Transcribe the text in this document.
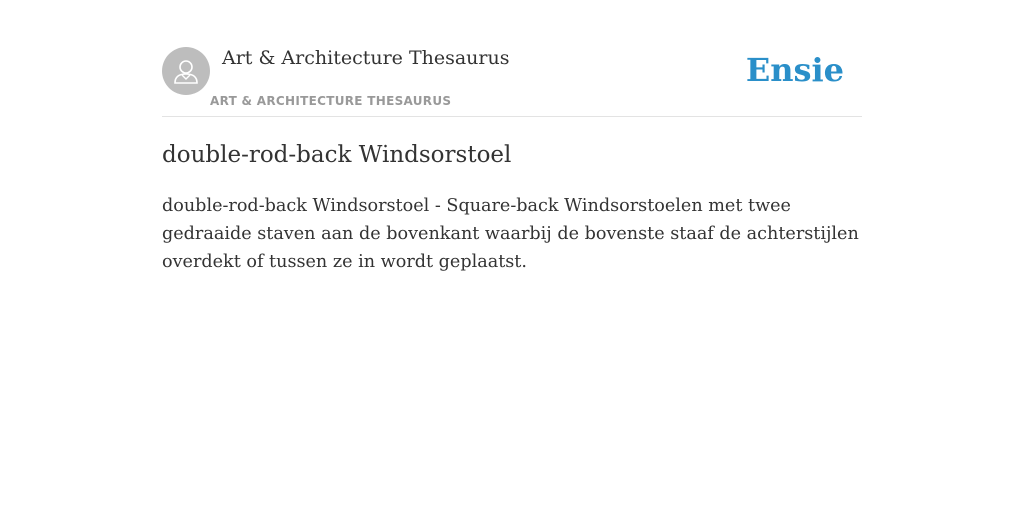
Art & Architecture Thesaurus
ART & ARCHITECTURE THESAURUS
Ensie
double-rod-back Windsorstoel

double-rod-back Windsorstoel - Square-back Windsorstoelen met twee gedraaide staven aan de bovenkant waarbij de bovenste staaf de achterstijlen overdekt of tussen ze in wordt geplaatst.
